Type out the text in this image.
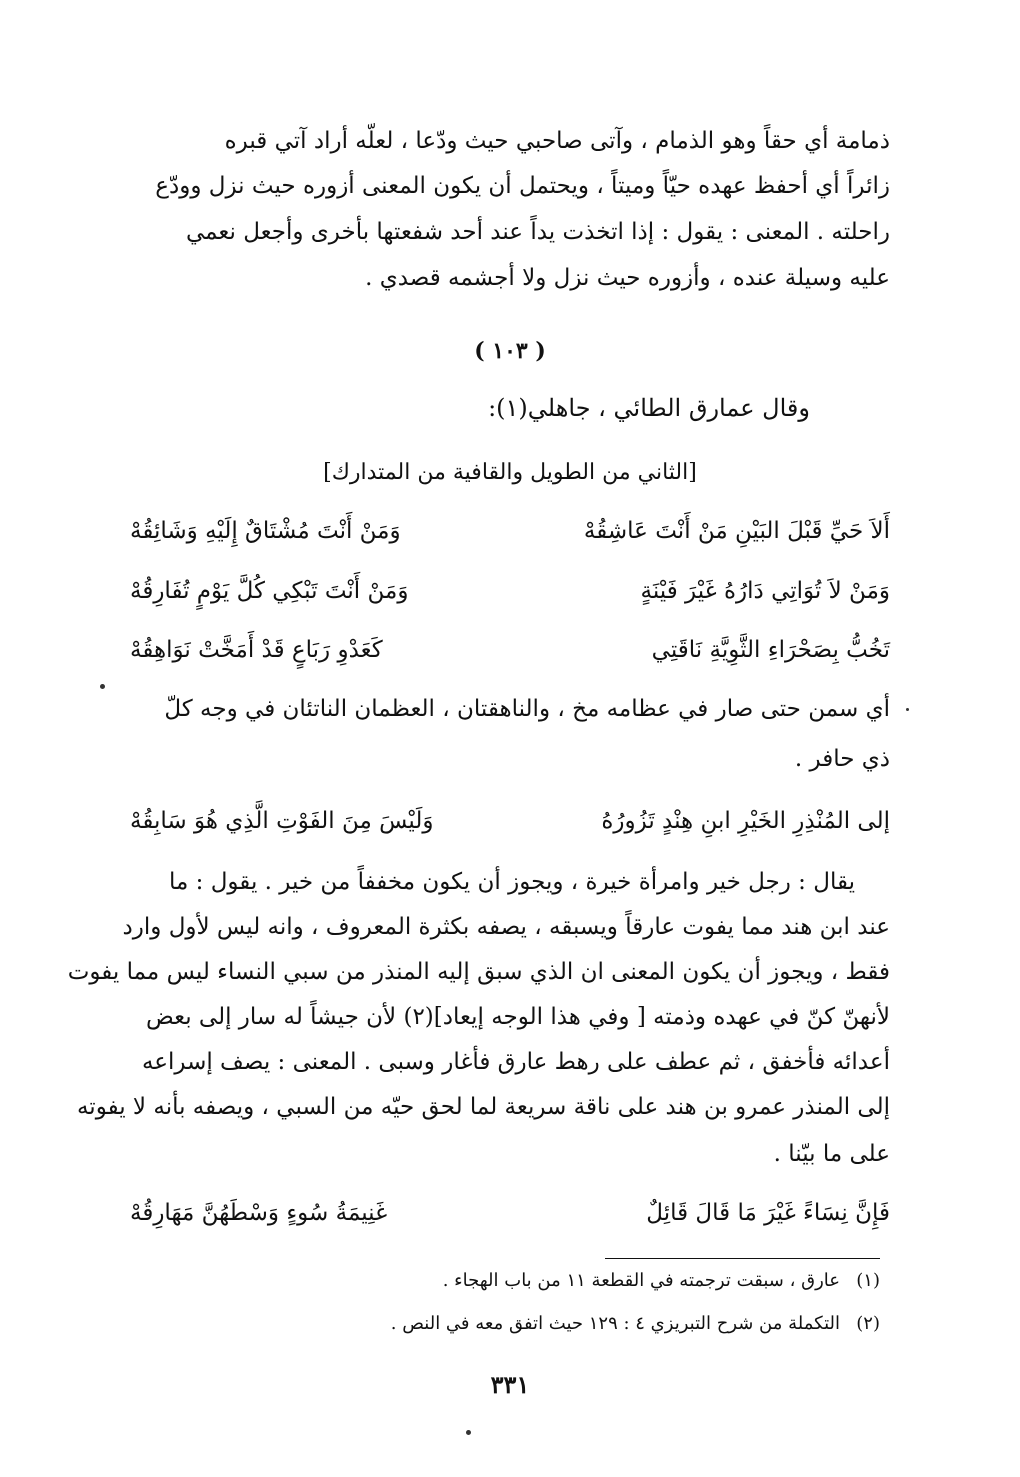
ذمامة أي حقاً وهو الذمام ، وآتى صاحبي حيث ودّعا ، لعلّه أراد آتي قبره
زائراً أي أحفظ عهده حيّاً وميتاً ، ويحتمل أن يكون المعنى أزوره حيث نزل وودّع
راحلته . المعنى : يقول : إذا اتخذت يداً عند أحد شفعتها بأخرى وأجعل نعمي
عليه وسيلة عنده ، وأزوره حيث نزل ولا أجشمه قصدي .
( ١٠٣ )
وقال عمارق الطائي ، جاهلي(١):
[الثاني من الطويل والقافية من المتدارك]
أَلاَ حَيِّ قَبْلَ البَيْنِ مَنْ أَنْتَ عَاشِقُهْ
وَمَنْ أَنْتَ مُشْتَاقٌ إِلَيْهِ وَشَائِقُهْ
وَمَنْ لاَ تُوَاتِي دَارُهُ غَيْرَ فَيْنَةٍ
وَمَنْ أَنْتَ تَبْكِي كُلَّ يَوْمٍ تُفَارِقُهْ
تَخُبُّ بِصَحْرَاءِ الثَّوِيَّةِ نَاقَتِي
كَعَدْوِ رَبَاعٍ قَدْ أَمَخَّتْ نَوَاهِقُهْ
أي سمن حتى صار في عظامه مخ ، والناهقتان ، العظمان الناتئان في وجه كلّ
ذي حافر .
إلى المُنْذِرِ الخَيْرِ ابنِ هِنْدٍ تَزُورُهُ
وَلَيْسَ مِنَ الفَوْتِ الَّذِي هُوَ سَابِقُهْ
يقال : رجل خير وامرأة خيرة ، ويجوز أن يكون مخففاً من خير . يقول : ما
عند ابن هند مما يفوت عارقاً ويسبقه ، يصفه بكثرة المعروف ، وانه ليس لأول وارد
فقط ، ويجوز أن يكون المعنى ان الذي سبق إليه المنذر من سبي النساء ليس مما يفوت
لأنهنّ كنّ في عهده وذمته [ وفي هذا الوجه إيعاد](٢) لأن جيشاً له سار إلى بعض
أعدائه فأخفق ، ثم عطف على رهط عارق فأغار وسبى . المعنى : يصف إسراعه
إلى المنذر عمرو بن هند على ناقة سريعة لما لحق حيّه من السبي ، ويصفه بأنه لا يفوته
على ما بيّنا .
فَإِنَّ نِسَاءً غَيْرَ مَا قَالَ قَائِلٌ
غَنِيمَةُ سُوءٍ وَسْطَهُنَّ مَهَارِقُهْ
(١)عارق ، سبقت ترجمته في القطعة ١١ من باب الهجاء .
(٢)التكملة من شرح التبريزي ٤ : ١٢٩ حيث اتفق معه في النص .
٣٣١
